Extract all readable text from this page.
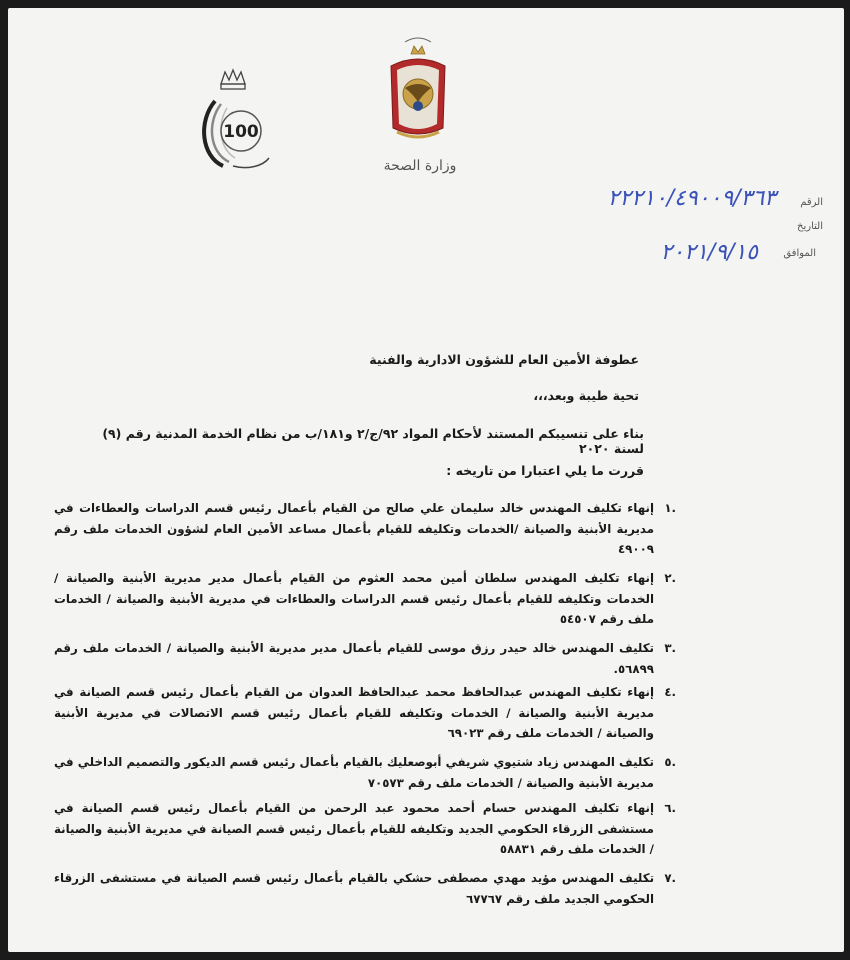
100
وزارة الصحة
الرقم
٢٢٢١٠/٤٩٠٠٩/٣٦٣
التاريخ
الموافق
٢٠٢١/٩/١٥
عطوفة الأمين العام للشؤون الادارية والفنية
تحية طيبة وبعد،،،
بناء على تنسيبكم المستند لأحكام المواد ٩٢/ج/٢ و١٨١/ب من نظام الخدمة المدنية رقم (٩) لسنة ٢٠٢٠
قررت ما يلي اعتبارا من تاريخه :
.١
إنهاء تكليف المهندس خالد سليمان علي صالح من القيام بأعمال رئيس قسم الدراسات والعطاءات في مديرية الأبنية والصيانة /الخدمات وتكليفه للقيام بأعمال مساعد الأمين العام لشؤون الخدمات ملف رقم ٤٩٠٠٩
.٢
إنهاء تكليف المهندس سلطان أمين محمد العثوم من القيام بأعمال مدير مديرية الأبنية والصيانة / الخدمات وتكليفه للقيام بأعمال رئيس قسم الدراسات والعطاءات في مديرية الأبنية والصيانة / الخدمات ملف رقم ٥٤٥٠٧
.٣
تكليف المهندس خالد حيدر رزق موسى للقيام بأعمال مدير مديرية الأبنية والصيانة / الخدمات ملف رقم ٥٦٨٩٩.
.٤
إنهاء تكليف المهندس عبدالحافظ محمد عبدالحافظ العدوان من القيام بأعمال رئيس قسم الصيانة في مديرية الأبنية والصيانة / الخدمات وتكليفه للقيام بأعمال رئيس قسم الاتصالات في مديرية الأبنية والصيانة / الخدمات ملف رقم ٦٩٠٢٣
.٥
تكليف المهندس زياد شتيوي شريفي أبوصعليك بالقيام بأعمال رئيس قسم الديكور والتصميم الداخلي في مديرية الأبنية والصيانة / الخدمات ملف رقم ٧٠٥٧٣
.٦
إنهاء تكليف المهندس حسام أحمد محمود عبد الرحمن من القيام بأعمال رئيس قسم الصيانة في مستشفى الزرقاء الحكومي الجديد وتكليفه للقيام بأعمال رئيس قسم الصيانة في مديرية الأبنية والصيانة / الخدمات ملف رقم ٥٨٨٣١
.٧
تكليف المهندس مؤيد مهدي مصطفى حشكي بالقيام بأعمال رئيس قسم الصيانة في مستشفى الزرقاء الحكومي الجديد ملف رقم ٦٧٧٦٧
